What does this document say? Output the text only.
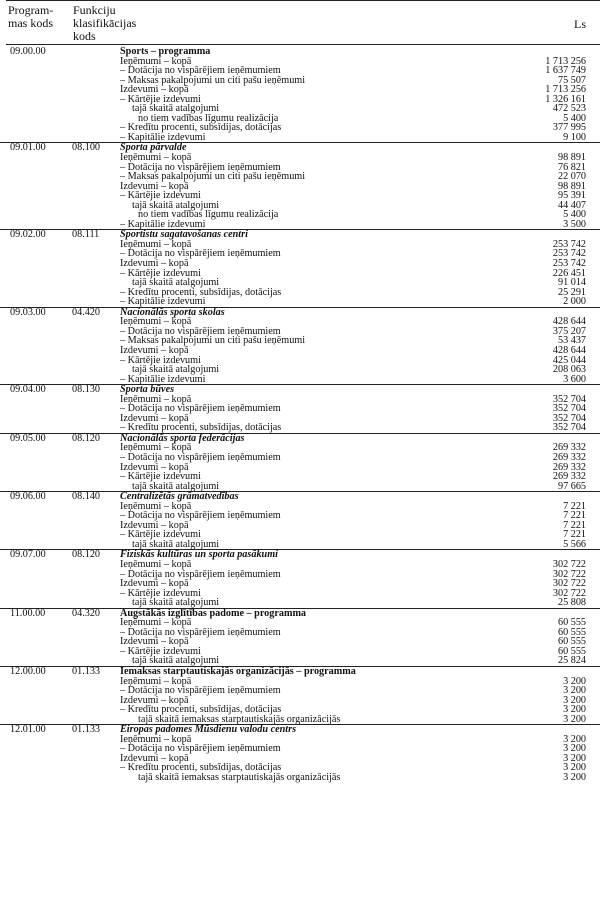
Program-
mas kods
Funkciju
klasifikācijas
kods
Ls
09.00.00	Sports – programma
Ieņēmumi – kopā	1 713 256
– Dotācija no vispārējiem ieņēmumiem	1 637 749
– Maksas pakalpojumi un citi pašu ieņēmumi	75 507
Izdevumi – kopā	1 713 256
– Kārtējie izdevumi	1 326 161
tajā skaitā atalgojumi	472 523
no tiem vadības līgumu realizācija	5 400
– Kredītu procenti, subsīdijas, dotācijas	377 995
– Kapitālie izdevumi	9 100
09.01.00	08.100 Sporta pārvalde
Ieņēmumi – kopā	98 891
– Dotācija no vispārējiem ieņēmumiem	76 821
– Maksas pakalpojumi un citi pašu ieņēmumi	22 070
Izdevumi – kopā	98 891
– Kārtējie izdevumi	95 391
tajā skaitā atalgojumi	44 407
no tiem vadības līgumu realizācija	5 400
– Kapitālie izdevumi	3 500
09.02.00	08.111 Sportistu sagatavošanas centri
Ieņēmumi – kopā	253 742
– Dotācija no vispārējiem ieņēmumiem	253 742
Izdevumi – kopā	253 742
– Kārtējie izdevumi	226 451
tajā skaitā atalgojumi	91 014
– Kredītu procenti, subsīdijas, dotācijas	25 291
– Kapitālie izdevumi	2 000
09.03.00	04.420 Nacionālās sporta skolas
Ieņēmumi – kopā	428 644
– Dotācija no vispārējiem ieņēmumiem	375 207
– Maksas pakalpojumi un citi pašu ieņēmumi	53 437
Izdevumi – kopā	428 644
– Kārtējie izdevumi	425 044
tajā skaitā atalgojumi	208 063
– Kapitālie izdevumi	3 600
09.04.00	08.130 Sporta būves
Ieņēmumi – kopā	352 704
– Dotācija no vispārējiem ieņēmumiem	352 704
Izdevumi – kopā	352 704
– Kredītu procenti, subsīdijas, dotācijas	352 704
09.05.00	08.120 Nacionālās sporta federācijas
Ieņēmumi – kopā	269 332
– Dotācija no vispārējiem ieņēmumiem	269 332
Izdevumi – kopā	269 332
– Kārtējie izdevumi	269 332
tajā skaitā atalgojumi	97 665
09.06.00	08.140 Centralizētās grāmatvedības
Ieņēmumi – kopā	7 221
– Dotācija no vispārējiem ieņēmumiem	7 221
Izdevumi – kopā	7 221
– Kārtējie izdevumi	7 221
tajā skaitā atalgojumi	5 566
09.07.00	08.120 Fiziskās kultūras un sporta pasākumi
Ieņēmumi – kopā	302 722
– Dotācija no vispārējiem ieņēmumiem	302 722
Izdevumi – kopā	302 722
– Kārtējie izdevumi	302 722
tajā skaitā atalgojumi	25 808
11.00.00	04.320 Augstākās izglītības padome – programma
Ieņēmumi – kopā	60 555
– Dotācija no vispārējiem ieņēmumiem	60 555
Izdevumi – kopā	60 555
– Kārtējie izdevumi	60 555
tajā skaitā atalgojumi	25 824
12.00.00	01.133 Iemaksas starptautiskajās organizācijās – programma
Ieņēmumi – kopā	3 200
– Dotācija no vispārējiem ieņēmumiem	3 200
Izdevumi – kopā	3 200
– Kredītu procenti, subsīdijas, dotācijas	3 200
tajā skaitā iemaksas starptautiskajās organizācijās	3 200
12.01.00	01.133 Eiropas padomes Mūsdienu valodu centrs
Ieņēmumi – kopā	3 200
– Dotācija no vispārējiem ieņēmumiem	3 200
Izdevumi – kopā	3 200
– Kredītu procenti, subsīdijas, dotācijas	3 200
tajā skaitā iemaksas starptautiskajās organizācijās	3 200
